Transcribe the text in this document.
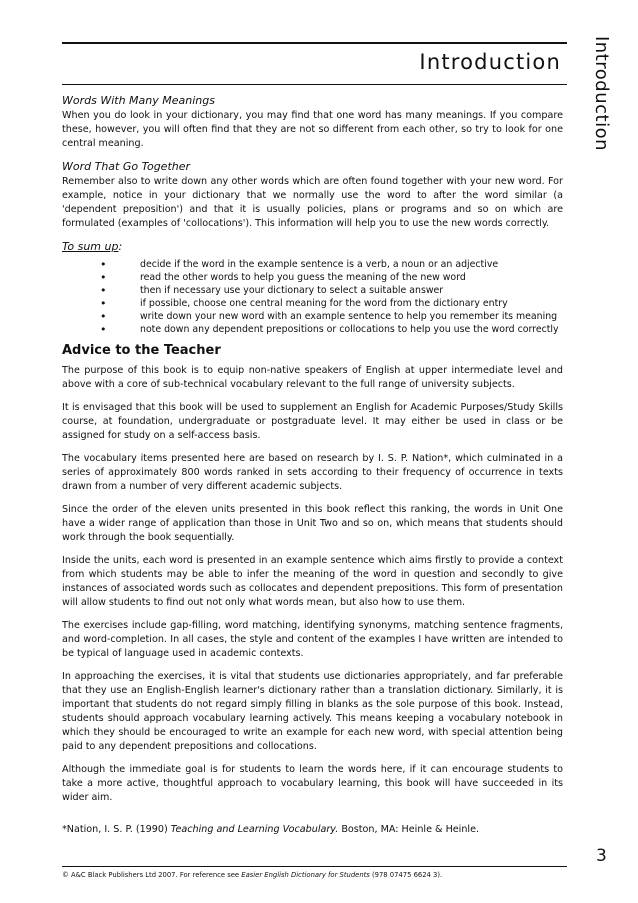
Introduction Introduction
Words With Many Meanings

When you do look in your dictionary, you may find that one word has many meanings. If you compare these, however, you will often find that they are not so different from each other, so try to look for one central meaning.

Word That Go Together

Remember also to write down any other words which are often found together with your new word. For example, notice in your dictionary that we normally use the word to after the word similar (a 'dependent preposition') and that it is usually policies, plans or programs and so on which are formulated (examples of 'collocations'). This information will help you to use the new words correctly.

To sum up:
•	decide if the word in the example sentence is a verb, a noun or an adjective
•	read the other words to help you guess the meaning of the new word
•	then if necessary use your dictionary to select a suitable answer
•	if possible, choose one central meaning for the word from the dictionary entry
•	write down your new word with an example sentence to help you remember its meaning
•	note down any dependent prepositions or collocations to help you use the word correctly
Advice to the Teacher

The purpose of this book is to equip non-native speakers of English at upper intermediate level and above with a core of sub-technical vocabulary relevant to the full range of university subjects.

It is envisaged that this book will be used to supplement an English for Academic Purposes/Study Skills course, at foundation, undergraduate or postgraduate level. It may either be used in class or be assigned for study on a self-access basis.

The vocabulary items presented here are based on research by I. S. P. Nation*, which culminated in a series of approximately 800 words ranked in sets according to their frequency of occurrence in texts drawn from a number of very different academic subjects.

Since the order of the eleven units presented in this book reflect this ranking, the words in Unit One have a wider range of application than those in Unit Two and so on, which means that students should work through the book sequentially.

Inside the units, each word is presented in an example sentence which aims firstly to provide a context from which students may be able to infer the meaning of the word in question and secondly to give instances of associated words such as collocates and dependent prepositions. This form of presentation will allow students to find out not only what words mean, but also how to use them.

The exercises include gap-filling, word matching, identifying synonyms, matching sentence fragments, and word-completion. In all cases, the style and content of the examples I have written are intended to be typical of language used in academic contexts.

In approaching the exercises, it is vital that students use dictionaries appropriately, and far preferable that they use an English-English learner's dictionary rather than a translation dictionary. Similarly, it is important that students do not regard simply filling in blanks as the sole purpose of this book. Instead, students should approach vocabulary learning actively. This means keeping a vocabulary notebook in which they should be encouraged to write an example for each new word, with special attention being paid to any dependent prepositions and collocations.

Although the immediate goal is for students to learn the words here, if it can encourage students to take a more active, thoughtful approach to vocabulary learning, this book will have succeeded in its wider aim.

*Nation, I. S. P. (1990) Teaching and Learning Vocabulary. Boston, MA: Heinle & Heinle.

3
© A&C Black Publishers Ltd 2007. For reference see Easier English Dictionary for Students (978 07475 6624 3).
